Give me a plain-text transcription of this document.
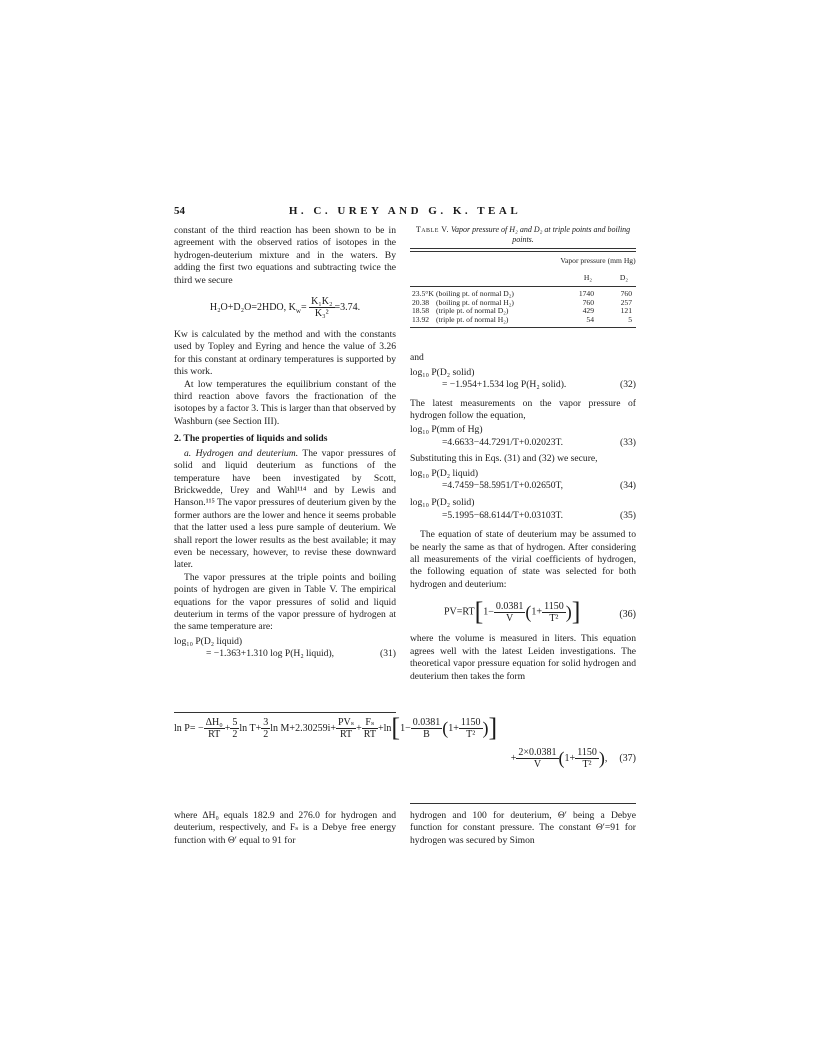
54	H. C. UREY AND G. K. TEAL

constant of the third reaction has been shown to be in agreement with the observed ratios of isotopes in the hydrogen-deuterium mixture and in the waters. By adding the first two equations and subtracting twice the third we secure

H₂O+D₂O=2HDO, $K_w= \frac{\text{K₁K₂}}{\text{K₃²}} =3.74$.

Kw is calculated by the method and with the constants used by Topley and Eyring and hence the value of 3.26 for this constant at ordinary temperatures is supported by this work.

At low temperatures the equilibrium constant of the third reaction above favors the fractionation of the isotopes by a factor 3. This is larger than that observed by Washburn (see Section III).

2. The properties of liquids and solids

a. Hydrogen and deuterium. The vapor pressures of solid and liquid deuterium as functions of the temperature have been investigated by Scott, Brickwedde, Urey and Wahl¹¹⁴ and by Lewis and Hanson.¹¹⁵ The vapor pressures of deuterium given by the former authors are the lower and hence it seems probable that the latter used a less pure sample of deuterium. We shall report the lower results as the best available; it may even be necessary, however, to revise these downward later.

The vapor pressures at the triple points and boiling points of hydrogen are given in Table V. The empirical equations for the vapor pressures of solid and liquid deuterium in terms of the vapor pressure of hydrogen at the same temperature are:

log₁₀ P(D₂ liquid)
= −1.363+1.310 log P(H₂ liquid),	(31)
Table V. Vapor pressure of H₂ and D₂ at triple points and boiling points.
Vapor pressure (mm Hg)
H₂	D₂
23.5°K (boiling pt. of normal D₂)	1740	760
20.38 (boiling pt. of normal H₂)	760	257
18.58 (triple pt. of normal D₂)	429	121
13.92 (triple pt. of normal H₂)	54	5

and

log₁₀ P(D₂ solid)
= −1.954+1.534 log P(H₂ solid).	(32)

The latest measurements on the vapor pressure of hydrogen follow the equation,

log₁₀ P(mm of Hg)
=4.6633−44.7291/T+0.02023T.	(33)

Substituting this in Eqs. (31) and (32) we secure,

log₁₀ P(D₂ liquid)
=4.7459−58.5951/T+0.02650T,	(34)
log₁₀ P(D₂ solid)
=5.1995−68.6144/T+0.03103T.	(35)

The equation of state of deuterium may be assumed to be nearly the same as that of hydrogen. After considering all measurements of the virial coefficients of hydrogen, the following equation of state was selected for both hydrogen and deuterium:

$PV=RT[1- \frac{0.0381}{V} (1+ \frac{1150}{\text{T²}}$ )]	(36)

where the volume is measured in liters. This equation agrees well with the latest Leiden investigations. The theoretical vapor pressure equation for solid hydrogen and deuterium then takes the form

$\ln P= - \frac{\text{ΔH₀}}{RT} + \frac{5}{2}$ $\ln T+ \frac{3}{2}$ $\ln M+2.30259i+ \frac{\text{PVₛ}}{RT} + \frac{\text{Fₛ}}{RT} +\ln$ [ $1- \frac{0.0381}{B}$ ( $1+ \frac{1150}{\text{T²}}$ ) ]
+ $\frac{2\times 0.0381}{V}$ ( $1+ \frac{1150}{\text{T²}}$ ) , (37)
where ΔH₀ equals 182.9 and 276.0 for hydrogen and deuterium, respectively, and Fₛ is a Debye free energy function with Θ′ equal to 91 for
hydrogen and 100 for deuterium, Θ′ being a Debye function for constant pressure. The constant Θ′=91 for hydrogen was secured by Simon
